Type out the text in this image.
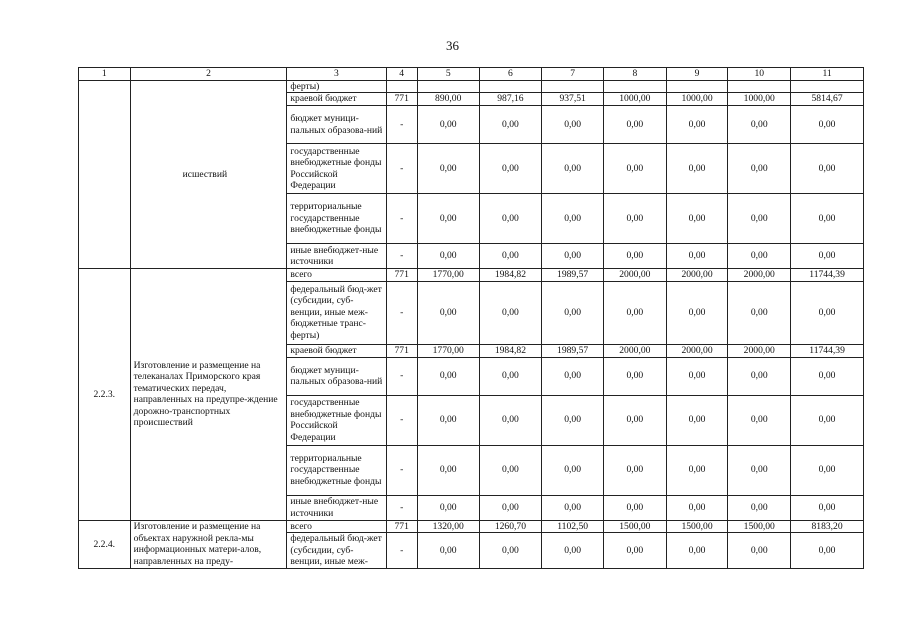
36
1	2	3	4	5	6	7	8	9	10	11
	исшествий	ферты)								
		краевой бюджет	771	890,00	987,16	937,51	1000,00	1000,00	1000,00	5814,67
		бюджет муници-пальных образова-ний	-	0,00	0,00	0,00	0,00	0,00	0,00	0,00
		государственные внебюджетные фонды Российской Федерации	-	0,00	0,00	0,00	0,00	0,00	0,00	0,00
		территориальные государственные внебюджетные фонды	-	0,00	0,00	0,00	0,00	0,00	0,00	0,00
		иные внебюджет-ные источники	-	0,00	0,00	0,00	0,00	0,00	0,00	0,00
2.2.3.	Изготовление и размещение на телеканалах Приморского края тематических передач, направленных на предупре-ждение дорожно-транспортных происшествий	всего	771	1770,00	1984,82	1989,57	2000,00	2000,00	2000,00	11744,39
		федеральный бюд-жет (субсидии, суб-венции, иные меж-бюджетные транс-ферты)	-	0,00	0,00	0,00	0,00	0,00	0,00	0,00
		краевой бюджет	771	1770,00	1984,82	1989,57	2000,00	2000,00	2000,00	11744,39
		бюджет муници-пальных образова-ний	-	0,00	0,00	0,00	0,00	0,00	0,00	0,00
		государственные внебюджетные фонды Российской Федерации	-	0,00	0,00	0,00	0,00	0,00	0,00	0,00
		территориальные государственные внебюджетные фонды	-	0,00	0,00	0,00	0,00	0,00	0,00	0,00
		иные внебюджет-ные источники	-	0,00	0,00	0,00	0,00	0,00	0,00	0,00
2.2.4.	Изготовление и размещение на объектах наружной рекла-мы информационных матери-алов, направленных на преду-	всего	771	1320,00	1260,70	1102,50	1500,00	1500,00	1500,00	8183,20
		федеральный бюд-жет (субсидии, суб-венции, иные меж-	-	0,00	0,00	0,00	0,00	0,00	0,00	0,00
